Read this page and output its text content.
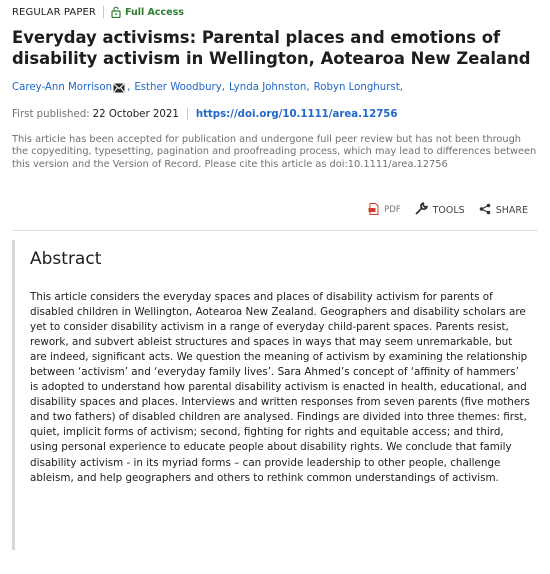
REGULAR PAPER	Full Access
Everyday activisms: Parental places and emotions of disability activism in Wellington, Aotearoa New Zealand
Carey-Ann Morrison , Esther Woodbury , Lynda Johnston , Robyn Longhurst ,
First published: 22 October 2021 https://doi.org/10.1111/area.12756

This article has been accepted for publication and undergone full peer review but has not been through the copyediting, typesetting, pagination and proofreading process, which may lead to differences between this version and the Version of Record. Please cite this article as doi:10.1111/area.12756

PDF	TOOLS	SHARE
Abstract

This article considers the everyday spaces and places of disability activism for parents of disabled children in Wellington, Aotearoa New Zealand. Geographers and disability scholars are yet to consider disability activism in a range of everyday child-parent spaces. Parents resist, rework, and subvert ableist structures and spaces in ways that may seem unremarkable, but are indeed, significant acts. We question the meaning of activism by examining the relationship between ‘activism’ and ‘everyday family lives’. Sara Ahmed’s concept of ‘affinity of hammers’ is adopted to understand how parental disability activism is enacted in health, educational, and disability spaces and places. Interviews and written responses from seven parents (five mothers and two fathers) of disabled children are analysed. Findings are divided into three themes: first, quiet, implicit forms of activism; second, fighting for rights and equitable access; and third, using personal experience to educate people about disability rights. We conclude that family disability activism - in its myriad forms – can provide leadership to other people, challenge ableism, and help geographers and others to rethink common understandings of activism.
